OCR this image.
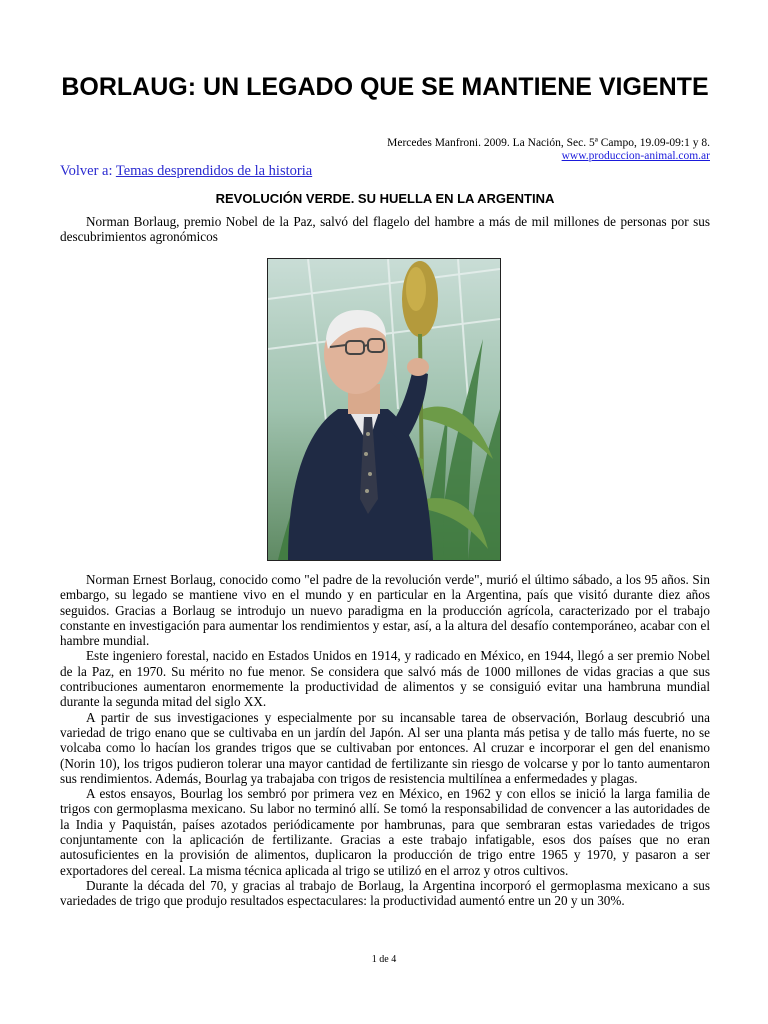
BORLAUG: UN LEGADO QUE SE MANTIENE VIGENTE
Mercedes Manfroni. 2009. La Nación, Sec. 5ª Campo, 19.09-09:1 y 8.
www.produccion-animal.com.ar
Volver a: Temas desprendidos de la historia
REVOLUCIÓN VERDE. SU HUELLA EN LA ARGENTINA

Norman Borlaug, premio Nobel de la Paz, salvó del flagelo del hambre a más de mil millones de personas por sus descubrimientos agronómicos

Norman Ernest Borlaug, conocido como "el padre de la revolución verde", murió el último sábado, a los 95 años. Sin embargo, su legado se mantiene vivo en el mundo y en particular en la Argentina, país que visitó durante diez años seguidos. Gracias a Borlaug se introdujo un nuevo paradigma en la producción agrícola, caracterizado por el trabajo constante en investigación para aumentar los rendimientos y estar, así, a la altura del desafío contemporáneo, acabar con el hambre mundial.

Este ingeniero forestal, nacido en Estados Unidos en 1914, y radicado en México, en 1944, llegó a ser premio Nobel de la Paz, en 1970. Su mérito no fue menor. Se considera que salvó más de 1000 millones de vidas gracias a que sus contribuciones aumentaron enormemente la productividad de alimentos y se consiguió evitar una hambruna mundial durante la segunda mitad del siglo XX.

A partir de sus investigaciones y especialmente por su incansable tarea de observación, Borlaug descubrió una variedad de trigo enano que se cultivaba en un jardín del Japón. Al ser una planta más petisa y de tallo más fuerte, no se volcaba como lo hacían los grandes trigos que se cultivaban por entonces. Al cruzar e incorporar el gen del enanismo (Norin 10), los trigos pudieron tolerar una mayor cantidad de fertilizante sin riesgo de volcarse y por lo tanto aumentaron sus rendimientos. Además, Bourlag ya trabajaba con trigos de resistencia multilínea a enfermedades y plagas.

A estos ensayos, Bourlag los sembró por primera vez en México, en 1962 y con ellos se inició la larga familia de trigos con germoplasma mexicano. Su labor no terminó allí. Se tomó la responsabilidad de convencer a las autoridades de la India y Paquistán, países azotados periódicamente por hambrunas, para que sembraran estas variedades de trigos conjuntamente con la aplicación de fertilizante. Gracias a este trabajo infatigable, esos dos países que no eran autosuficientes en la provisión de alimentos, duplicaron la producción de trigo entre 1965 y 1970, y pasaron a ser exportadores del cereal. La misma técnica aplicada al trigo se utilizó en el arroz y otros cultivos.

Durante la década del 70, y gracias al trabajo de Borlaug, la Argentina incorporó el germoplasma mexicano a sus variedades de trigo que produjo resultados espectaculares: la productividad aumentó entre un 20 y un 30%.

1 de 4
